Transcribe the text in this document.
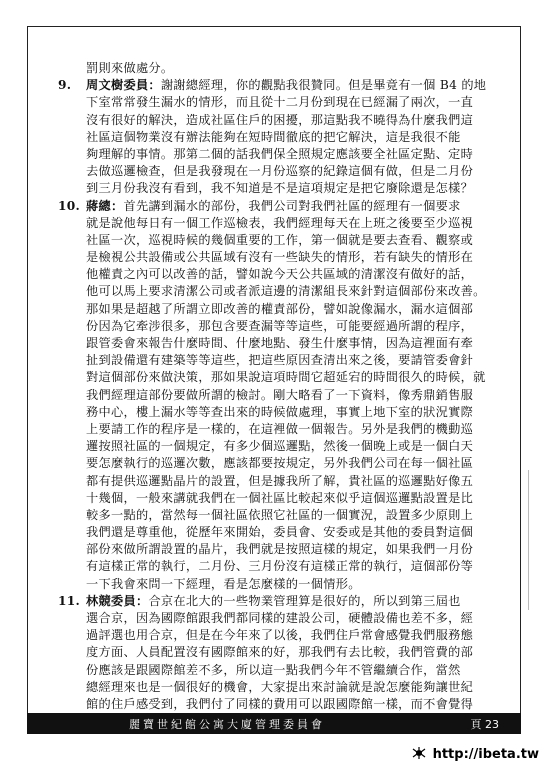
罰則來做處分。
9. 周文樹委員：謝謝總經理，你的觀點我很贊同。但是畢竟有一個 B4 的地
下室常常發生漏水的情形，而且從十二月份到現在已經漏了兩次，一直
沒有很好的解決，造成社區住戶的困擾，那這點我不曉得為什麼我們這
社區這個物業沒有辦法能夠在短時間徹底的把它解決，這是我很不能
夠理解的事情。那第二個的話我們保全照規定應該要全社區定點、定時
去做巡邏檢查，但是我發現在一月份巡察的紀錄這個有做，但是二月份
到三月份我沒有看到，我不知道是不是這項規定是把它廢除還是怎樣？
10. 蔣總：首先講到漏水的部份，我們公司對我們社區的經理有一個要求
就是說他每日有一個工作巡檢表，我們經理每天在上班之後要至少巡視
社區一次，巡視時候的幾個重要的工作，第一個就是要去查看、觀察或
是檢視公共設備或公共區域有沒有一些缺失的情形，若有缺失的情形在
他權責之內可以改善的話，譬如說今天公共區域的清潔沒有做好的話，
他可以馬上要求清潔公司或者派這邊的清潔組長來針對這個部份來改善。
那如果是超越了所謂立即改善的權責部份，譬如說像漏水，漏水這個部
份因為它牽涉很多，那包含要查漏等等這些，可能要經過所謂的程序，
跟管委會來報告什麼時間、什麼地點、發生什麼事情，因為這裡面有牽
扯到設備還有建築等等這些，把這些原因查清出來之後，要請管委會針
對這個部份來做決策，那如果說這項時間它超延宕的時間很久的時候，就
我們經理這部份要做所謂的檢討。剛大略看了一下資料，像秀鼎銷售服
務中心，樓上漏水等等查出來的時候做處理，事實上地下室的狀況實際
上要請工作的程序是一樣的，在這裡做一個報告。另外是我們的機動巡
邏按照社區的一個規定，有多少個巡邏點，然後一個晚上或是一個白天
要怎麼執行的巡邏次數，應該都要按規定，另外我們公司在每一個社區
都有提供巡邏點晶片的設置，但是據我所了解，貴社區的巡邏點好像五
十幾個，一般來講就我們在一個社區比較起來似乎這個巡邏點設置是比
較多一點的，當然每一個社區依照它社區的一個實況，設置多少原則上
我們還是尊重他，從歷年來開始，委員會、安委或是其他的委員對這個
部份來做所謂設置的晶片，我們就是按照這樣的規定，如果我們一月份
有這樣正常的執行，二月份、三月份沒有這樣正常的執行，這個部份等
一下我會來問一下經理，看是怎麼樣的一個情形。
11. 林競委員：合京在北大的一些物業管理算是很好的，所以到第三屆也
選合京，因為國際館跟我們都同樣的建設公司，硬體設備也差不多，經
過評選也用合京，但是在今年來了以後，我們住戶常會感覺我們服務態
度方面、人員配置沒有國際館來的好，那我們有去比較，我們管費的部
份應該是跟國際館差不多，所以這一點我們今年不管繼續合作，當然
總經理來也是一個很好的機會，大家提出來討論就是說怎麼能夠讓世紀
館的住戶感受到，我們付了同樣的費用可以跟國際館一樣，而不會覺得
麗寶世紀館公寓大廈管理委員會	頁 23
http://ibeta.tw
